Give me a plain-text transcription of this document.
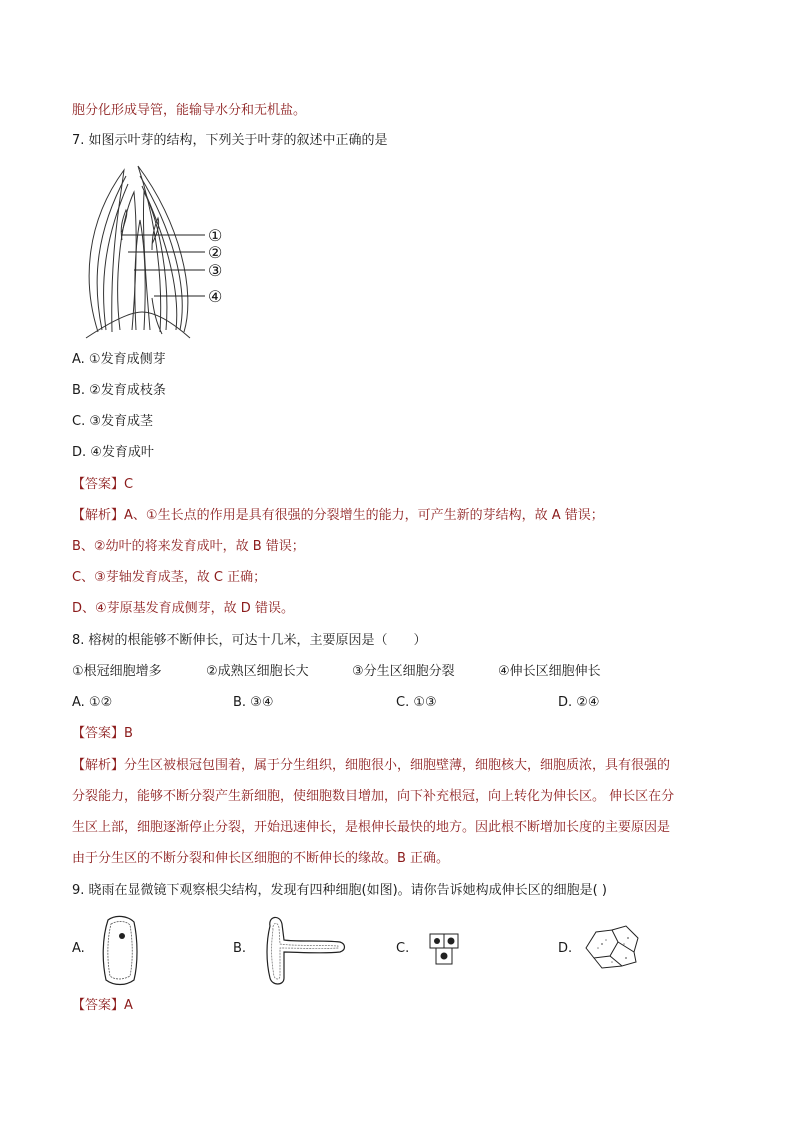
胞分化形成导管，能输导水分和无机盐。
7. 如图示叶芽的结构，下列关于叶芽的叙述中正确的是
①
②
③
④
A. ①发育成侧芽
B. ②发育成枝条
C. ③发育成茎
D. ④发育成叶
【答案】C
【解析】A、①生长点的作用是具有很强的分裂增生的能力，可产生新的芽结构，故 A 错误；
B、②幼叶的将来发育成叶，故 B 错误；
C、③芽轴发育成茎，故 C 正确；
D、④芽原基发育成侧芽，故 D 错误。
8. 榕树的根能够不断伸长，可达十几米，主要原因是（　　）
①根冠细胞增多	②成熟区细胞长大	③分生区细胞分裂	④伸长区细胞伸长
A. ①②	B. ③④	C. ①③	D. ②④
【答案】B
【解析】分生区被根冠包围着，属于分生组织，细胞很小，细胞壁薄，细胞核大，细胞质浓，具有很强的
分裂能力，能够不断分裂产生新细胞，使细胞数目增加，向下补充根冠，向上转化为伸长区。 伸长区在分
生区上部，细胞逐渐停止分裂，开始迅速伸长，是根伸长最快的地方。因此根不断增加长度的主要原因是
由于分生区的不断分裂和伸长区细胞的不断伸长的缘故。B 正确。
9. 晓雨在显微镜下观察根尖结构，发现有四种细胞(如图)。请你告诉她构成伸长区的细胞是( )
A.	B.	C.	D.
【答案】A
